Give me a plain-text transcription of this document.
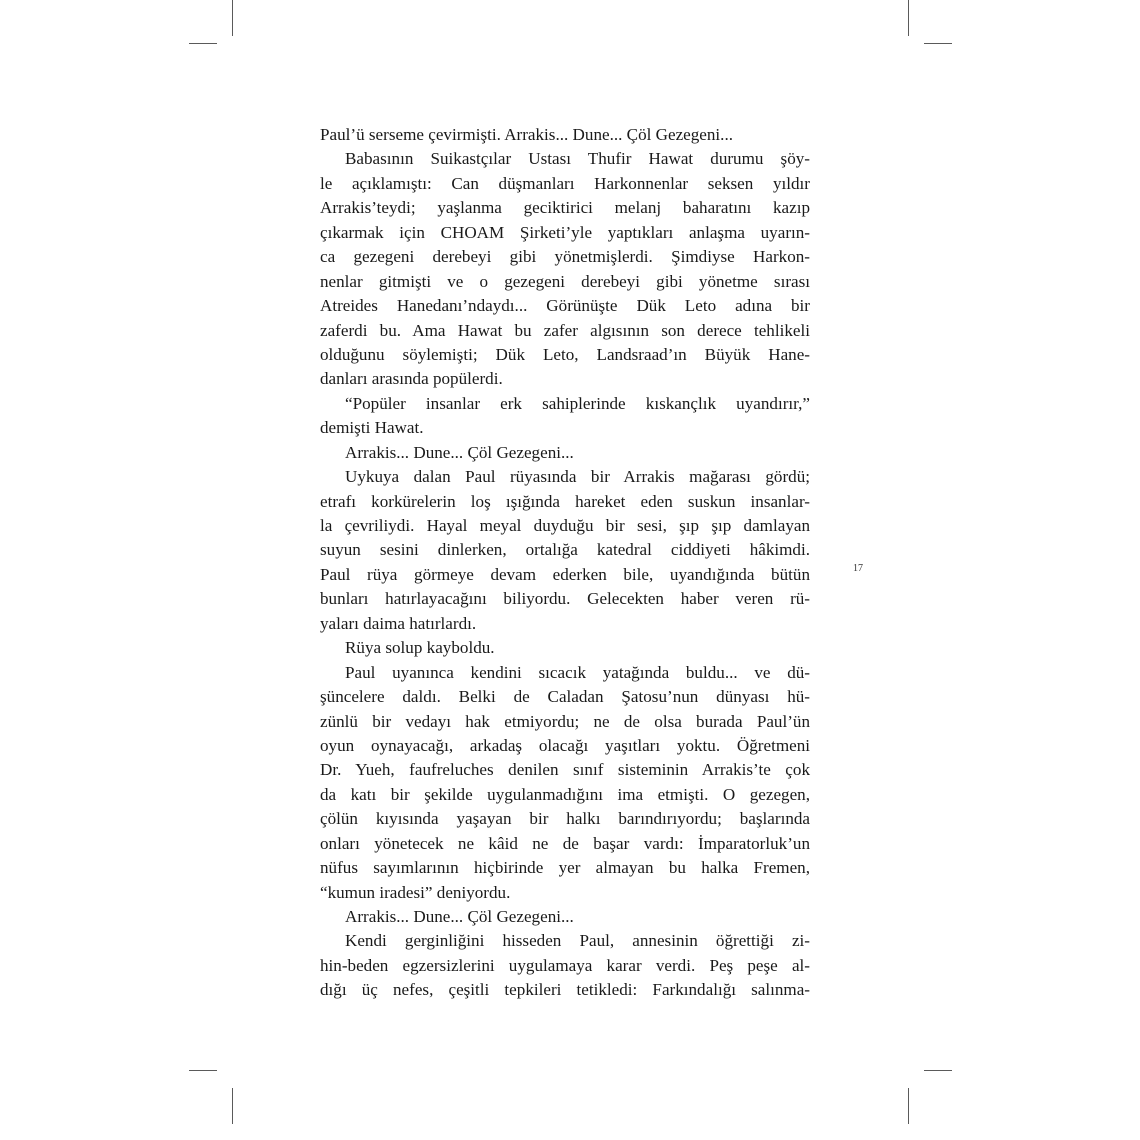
Paul’ü serseme çevirmişti. Arrakis... Dune... Çöl Gezegeni...
Babasının Suikastçılar Ustası Thufir Hawat durumu şöy-
le açıklamıştı: Can düşmanları Harkonnenlar seksen yıldır
Arrakis’teydi; yaşlanma geciktirici melanj baharatını kazıp
çıkarmak için CHOAM Şirketi’yle yaptıkları anlaşma uyarın-
ca gezegeni derebeyi gibi yönetmişlerdi. Şimdiyse Harkon-
nenlar gitmişti ve o gezegeni derebeyi gibi yönetme sırası
Atreides Hanedanı’ndaydı... Görünüşte Dük Leto adına bir
zaferdi bu. Ama Hawat bu zafer algısının son derece tehlikeli
olduğunu söylemişti; Dük Leto, Landsraad’ın Büyük Hane-
danları arasında popülerdi.
“Popüler insanlar erk sahiplerinde kıskançlık uyandırır,”
demişti Hawat.
Arrakis... Dune... Çöl Gezegeni...
Uykuya dalan Paul rüyasında bir Arrakis mağarası gördü;
etrafı korkürelerin loş ışığında hareket eden suskun insanlar-
la çevriliydi. Hayal meyal duyduğu bir sesi, şıp şıp damlayan
suyun sesini dinlerken, ortalığa katedral ciddiyeti hâkimdi.
Paul rüya görmeye devam ederken bile, uyandığında bütün
bunları hatırlayacağını biliyordu. Gelecekten haber veren rü-
yaları daima hatırlardı.
Rüya solup kayboldu.
Paul uyanınca kendini sıcacık yatağında buldu... ve dü-
şüncelere daldı. Belki de Caladan Şatosu’nun dünyası hü-
zünlü bir vedayı hak etmiyordu; ne de olsa burada Paul’ün
oyun oynayacağı, arkadaş olacağı yaşıtları yoktu. Öğretmeni
Dr. Yueh, faufreluches denilen sınıf sisteminin Arrakis’te çok
da katı bir şekilde uygulanmadığını ima etmişti. O gezegen,
çölün kıyısında yaşayan bir halkı barındırıyordu; başlarında
onları yönetecek ne kâid ne de başar vardı: İmparatorluk’un
nüfus sayımlarının hiçbirinde yer almayan bu halka Fremen,
“kumun iradesi” deniyordu.
Arrakis... Dune... Çöl Gezegeni...
Kendi gerginliğini hisseden Paul, annesinin öğrettiği zi-
hin-beden egzersizlerini uygulamaya karar verdi. Peş peşe al-
dığı üç nefes, çeşitli tepkileri tetikledi: Farkındalığı salınma-
17
